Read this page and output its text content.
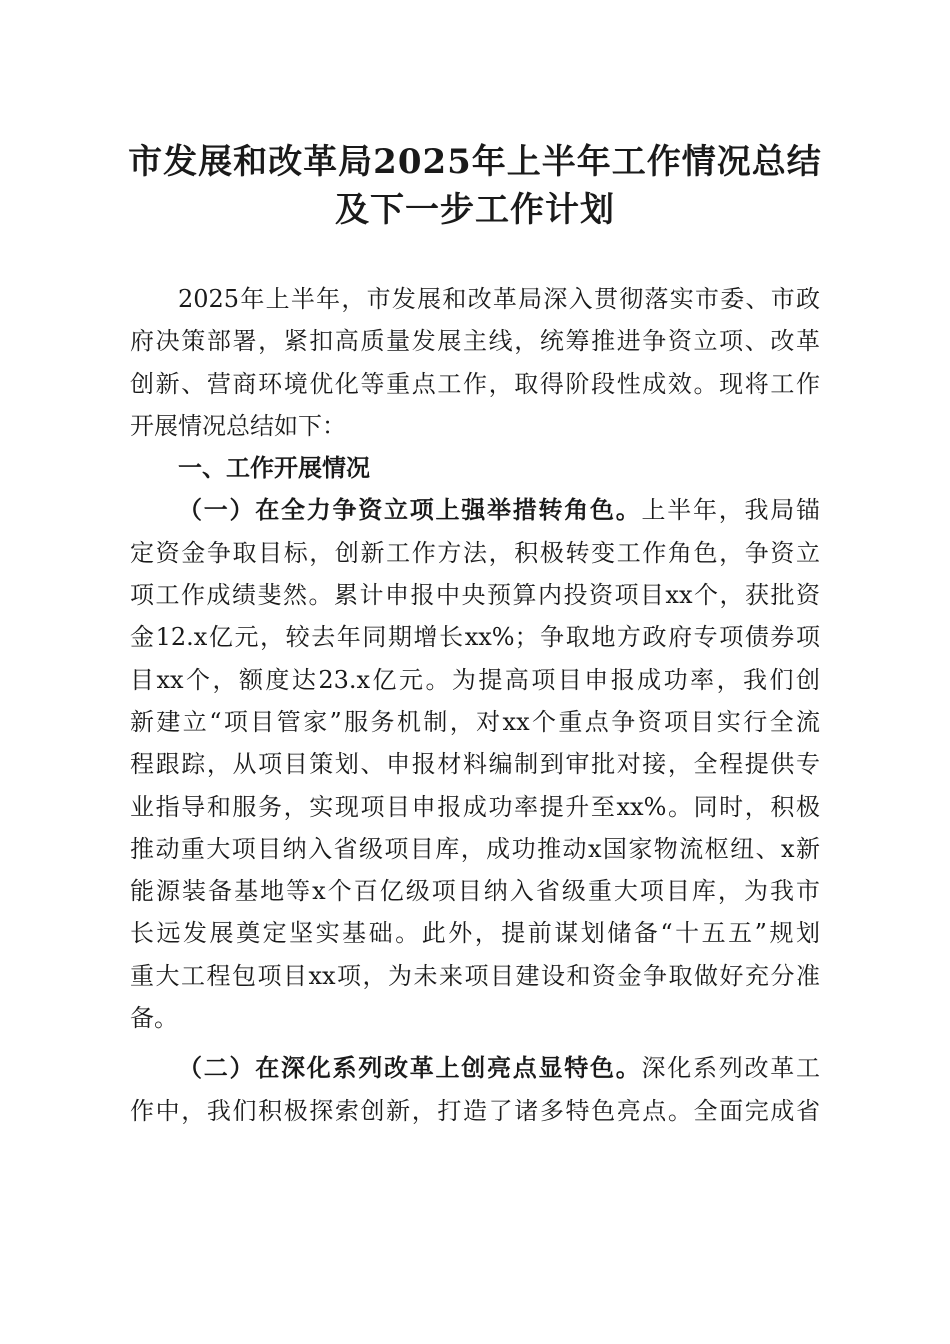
市发展和改革局2025年上半年工作情况总结
及下一步工作计划
2025年上半年，市发展和改革局深入贯彻落实市委、市政
府决策部署，紧扣高质量发展主线，统筹推进争资立项、改革
创新、营商环境优化等重点工作，取得阶段性成效。现将工作
开展情况总结如下：
一、工作开展情况
（一）在全力争资立项上强举措转角色。上半年，我局锚
定资金争取目标，创新工作方法，积极转变工作角色，争资立
项工作成绩斐然。累计申报中央预算内投资项目xx个，获批资
金12.x亿元，较去年同期增长xx%；争取地方政府专项债券项
目xx个，额度达23.x亿元。为提高项目申报成功率，我们创
新建立“项目管家”服务机制，对xx个重点争资项目实行全流
程跟踪，从项目策划、申报材料编制到审批对接，全程提供专
业指导和服务，实现项目申报成功率提升至xx%。同时，积极
推动重大项目纳入省级项目库，成功推动x国家物流枢纽、x新
能源装备基地等x个百亿级项目纳入省级重大项目库，为我市
长远发展奠定坚实基础。此外，提前谋划储备“十五五”规划
重大工程包项目xx项，为未来项目建设和资金争取做好充分准
备。
（二）在深化系列改革上创亮点显特色。深化系列改革工
作中，我们积极探索创新，打造了诸多特色亮点。全面完成省
